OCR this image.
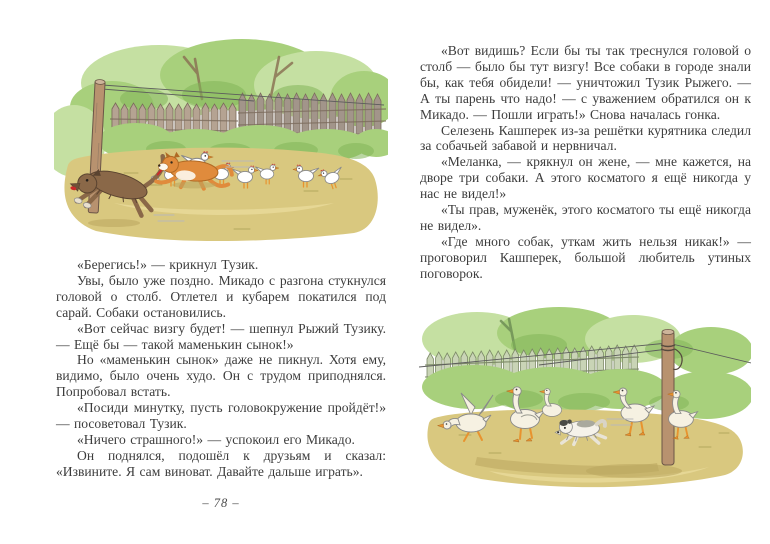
«Берегись!» — крикнул Тузик.

Увы, было уже поздно. Микадо с разгона стукнулся головой о столб. Отлетел и кубарем покатился под сарай. Собаки остановились.

«Вот сейчас визгу будет! — шепнул Рыжий Тузику. — Ещё бы — такой маменькин сынок!»

Но «маменькин сынок» даже не пикнул. Хотя ему, видимо, было очень худо. Он с трудом приподнялся. Попробовал встать.

«Посиди минутку, пусть головокружение пройдёт!» — посоветовал Тузик.

«Ничего страшного!» — успокоил его Микадо.

Он поднялся, подошёл к друзьям и сказал: «Извините. Я сам виноват. Давайте дальше играть».

– 78 –

«Вот видишь? Если бы ты так треснулся головой о столб — было бы тут визгу! Все собаки в городе знали бы, как тебя обидели! — уничтожил Тузик Рыжего. — А ты парень что надо! — с уважением обратился он к Микадо. — Пошли играть!» Снова началась гонка.

Селезень Кашперек из-за решётки курятника следил за собачьей забавой и нервничал.

«Меланка, — крякнул он жене, — мне кажется, на дворе три собаки. А этого косматого я ещё никогда у нас не видел!»

«Ты прав, муженёк, этого косматого ты ещё никогда не видел».

«Где много собак, уткам жить нельзя никак!» — проговорил Кашперек, большой любитель утиных поговорок.
